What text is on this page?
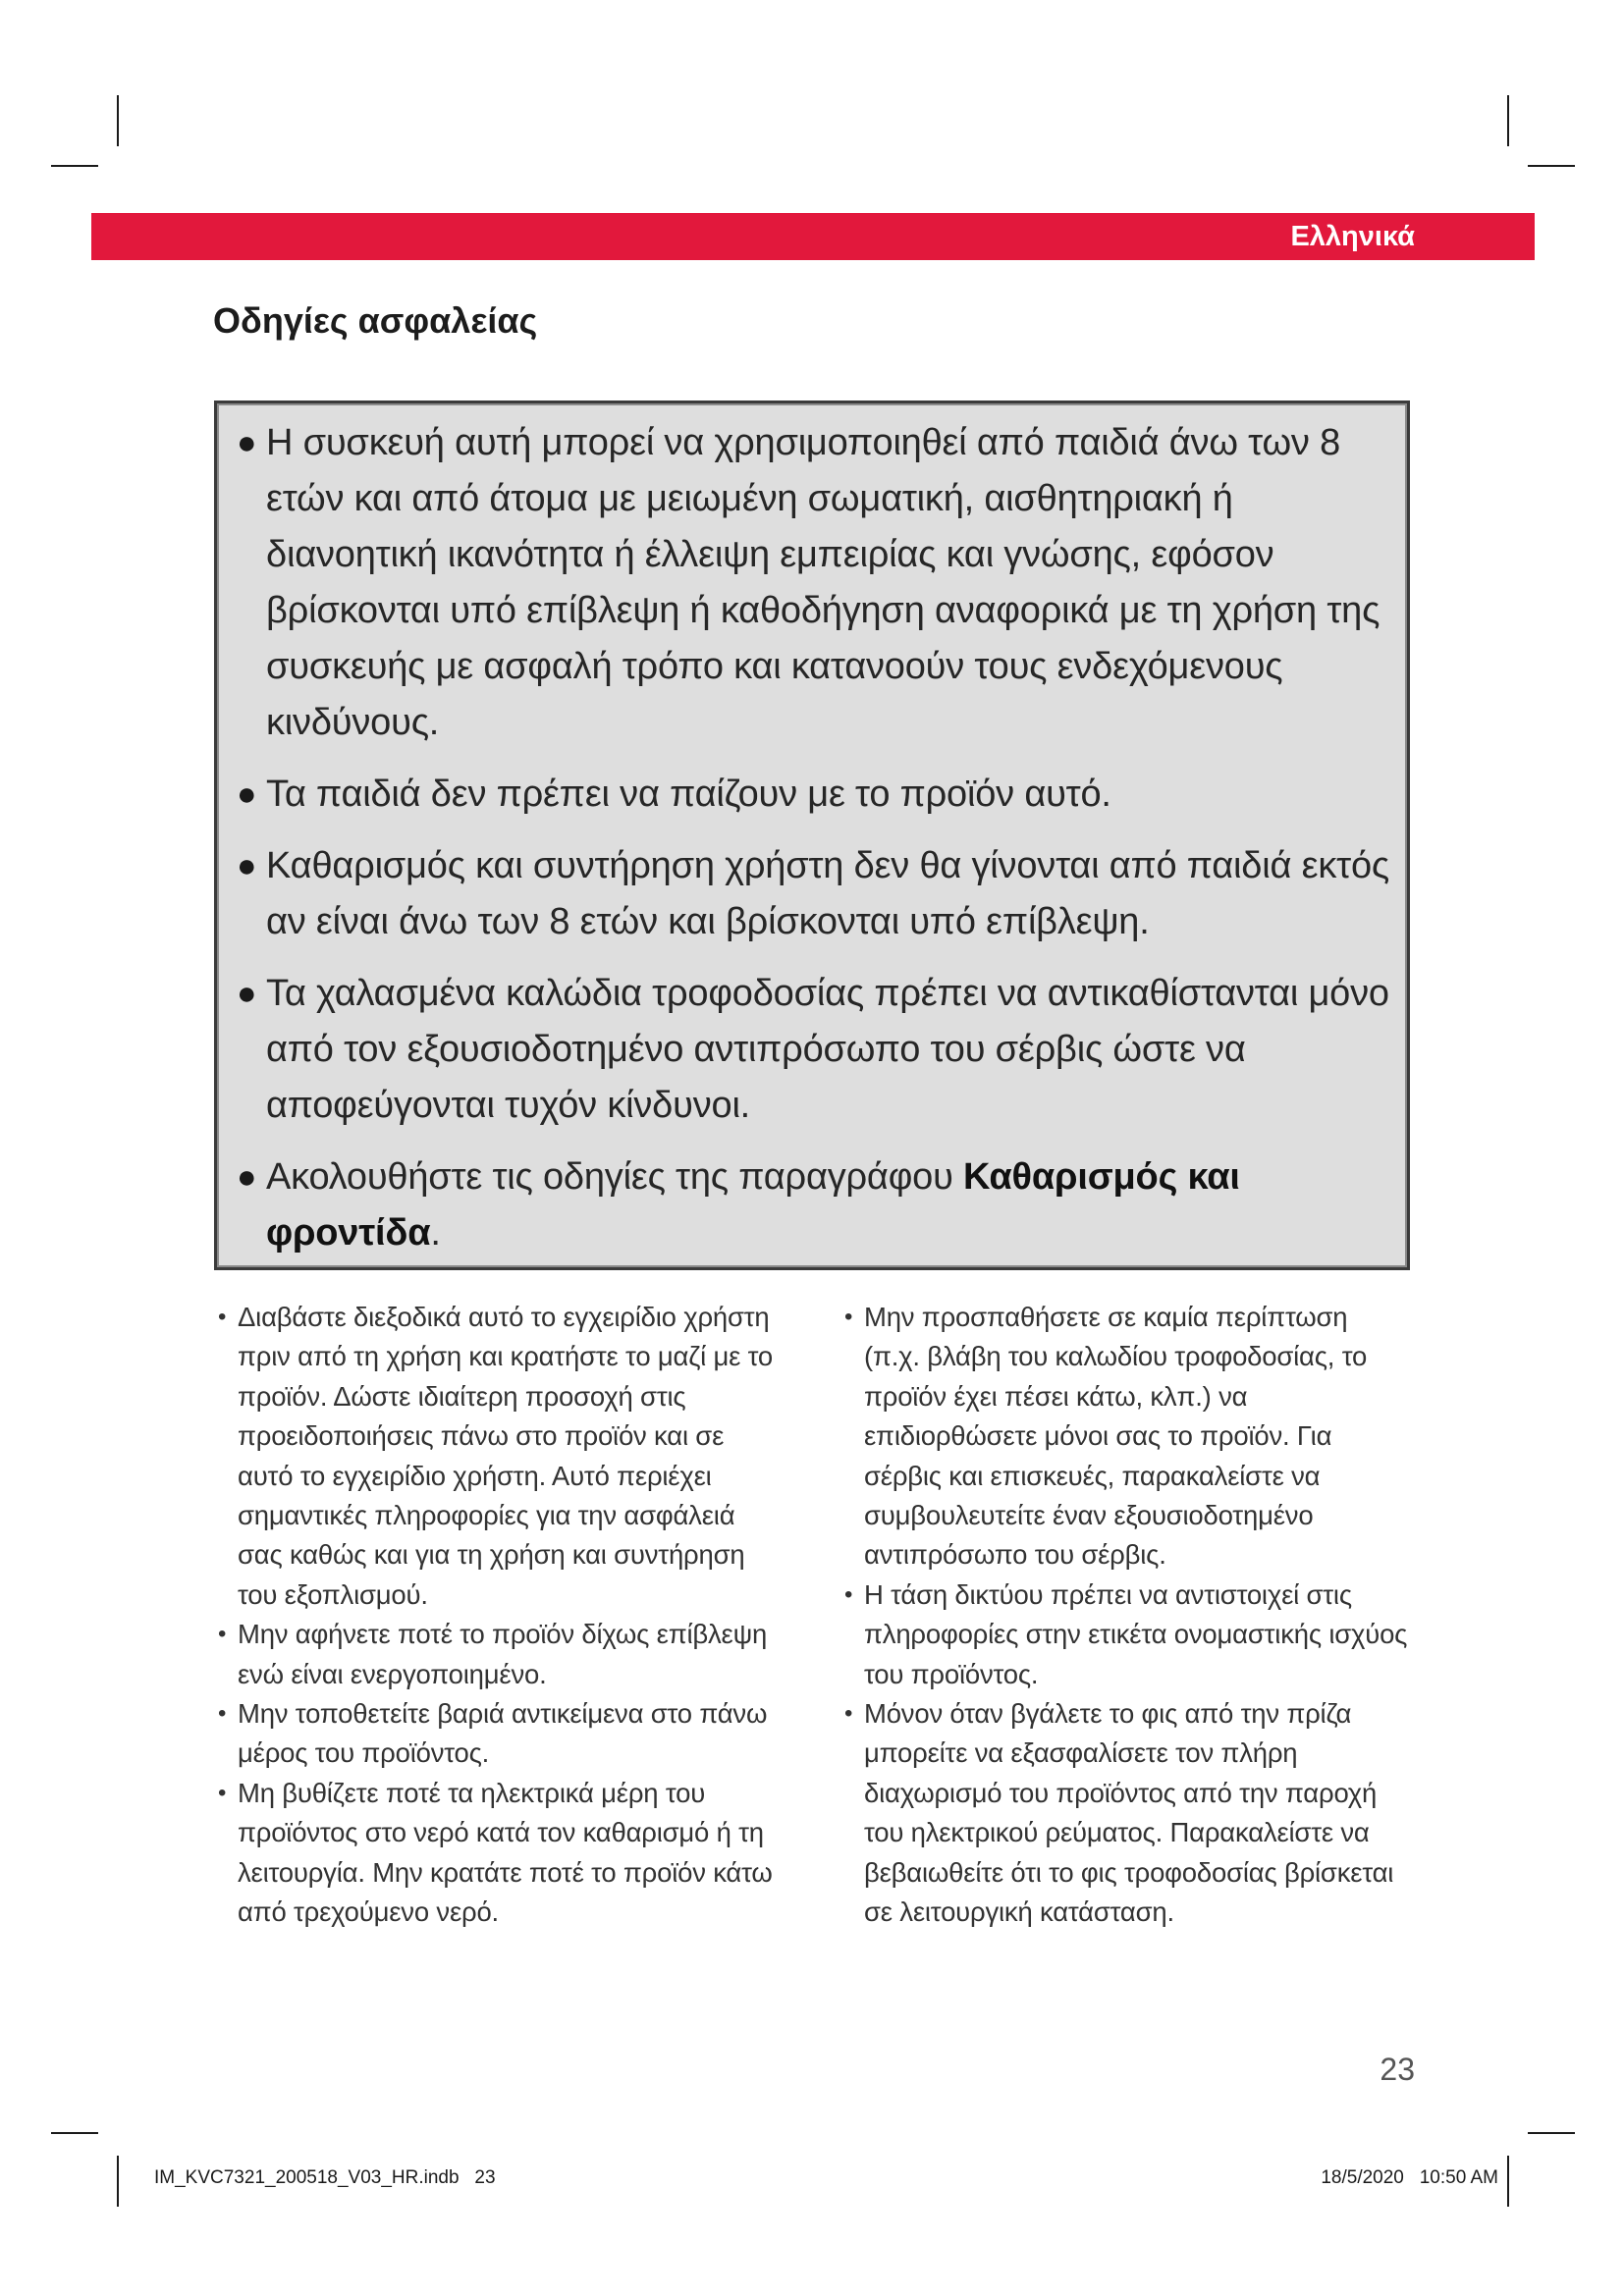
Ελληνικά
Οδηγίες ασφαλείας
● Η συσκευή αυτή μπορεί να χρησιμοποιηθεί από παιδιά άνω των 8 ετών και από άτομα με μειωμένη σωματική, αισθητηριακή ή διανοητική ικανότητα ή έλλειψη εμπειρίας και γνώσης, εφόσον βρίσκονται υπό επίβλεψη ή καθοδήγηση αναφορικά με τη χρήση της συσκευής με ασφαλή τρόπο και κατανοούν τους ενδεχόμενους κινδύνους.
● Τα παιδιά δεν πρέπει να παίζουν με το προϊόν αυτό.
● Καθαρισμός και συντήρηση χρήστη δεν θα γίνονται από παιδιά εκτός αν είναι άνω των 8 ετών και βρίσκονται υπό επίβλεψη.
● Τα χαλασμένα καλώδια τροφοδοσίας πρέπει να αντικαθίστανται μόνο από τον εξουσιοδοτημένο αντιπρόσωπο του σέρβις ώστε να αποφεύγονται τυχόν κίνδυνοι.
● Ακολουθήστε τις οδηγίες της παραγράφου Καθαρισμός και φροντίδα.
• Διαβάστε διεξοδικά αυτό το εγχειρίδιο χρήστη πριν από τη χρήση και κρατήστε το μαζί με το προϊόν. Δώστε ιδιαίτερη προσοχή στις προειδοποιήσεις πάνω στο προϊόν και σε αυτό το εγχειρίδιο χρήστη. Αυτό περιέχει σημαντικές πληροφορίες για την ασφάλειά σας καθώς και για τη χρήση και συντήρηση του εξοπλισμού.
• Μην αφήνετε ποτέ το προϊόν δίχως επίβλεψη ενώ είναι ενεργοποιημένο.
• Μην τοποθετείτε βαριά αντικείμενα στο πάνω μέρος του προϊόντος.
• Μη βυθίζετε ποτέ τα ηλεκτρικά μέρη του προϊόντος στο νερό κατά τον καθαρισμό ή τη λειτουργία. Μην κρατάτε ποτέ το προϊόν κάτω από τρεχούμενο νερό.
• Μην προσπαθήσετε σε καμία περίπτωση (π.χ. βλάβη του καλωδίου τροφοδοσίας, το προϊόν έχει πέσει κάτω, κλπ.) να επιδιορθώσετε μόνοι σας το προϊόν. Για σέρβις και επισκευές, παρακαλείστε να συμβουλευτείτε έναν εξουσιοδοτημένο αντιπρόσωπο του σέρβις.
• Η τάση δικτύου πρέπει να αντιστοιχεί στις πληροφορίες στην ετικέτα ονομαστικής ισχύος του προϊόντος.
• Μόνον όταν βγάλετε το φις από την πρίζα μπορείτε να εξασφαλίσετε τον πλήρη διαχωρισμό του προϊόντος από την παροχή του ηλεκτρικού ρεύματος. Παρακαλείστε να βεβαιωθείτε ότι το φις τροφοδοσίας βρίσκεται σε λειτουργική κατάσταση.
23
IM_KVC7321_200518_V03_HR.indb 23	18/5/2020 10:50 AM
